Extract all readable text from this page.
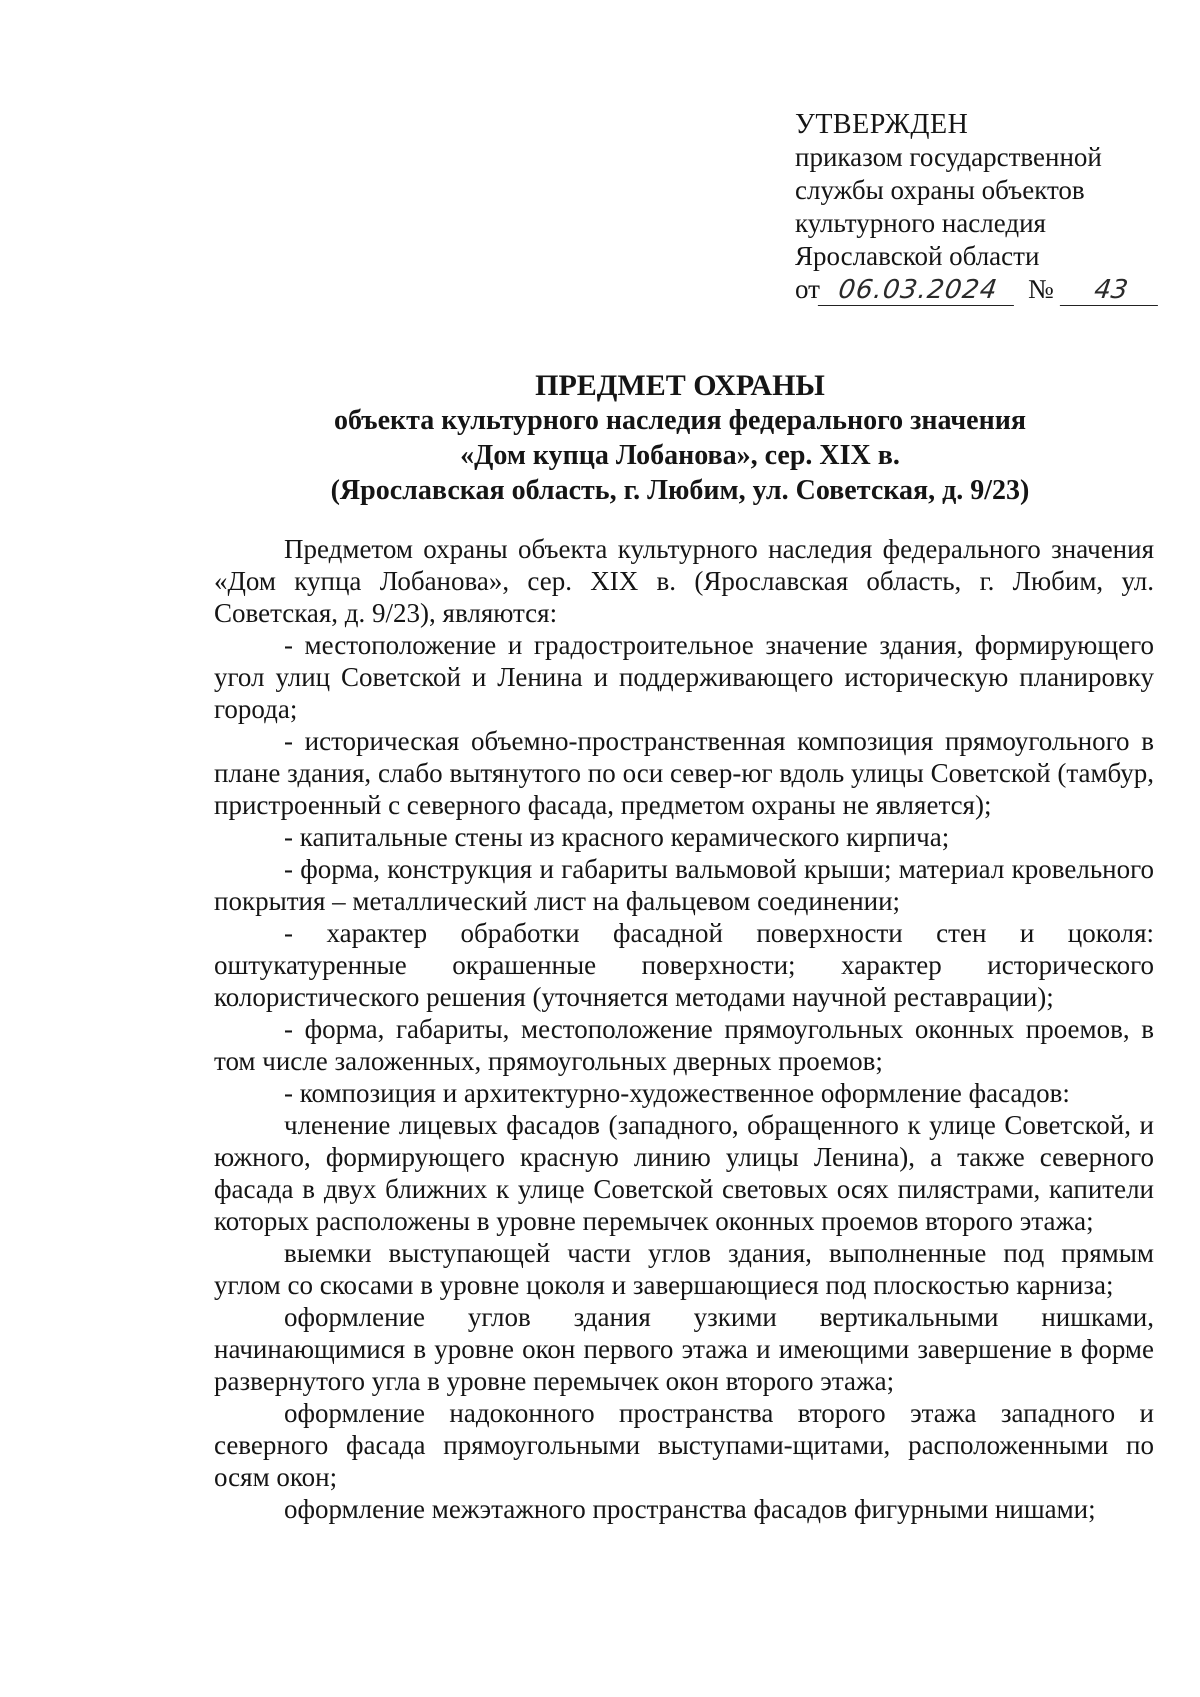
УТВЕРЖДЕН
приказом государственной
службы охраны объектов
культурного наследия
Ярославской области
от 06.03.2024 № 43
ПРЕДМЕТ ОХРАНЫ
объекта культурного наследия федерального значения
«Дом купца Лобанова», сер. XIX в.
(Ярославская область, г. Любим, ул. Советская, д. 9/23)

Предметом охраны объекта культурного наследия федерального значения «Дом купца Лобанова», сер. XIX в. (Ярославская область, г. Любим, ул. Советская, д. 9/23), являются:

- местоположение и градостроительное значение здания, формирующего угол улиц Советской и Ленина и поддерживающего историческую планировку города;

- историческая объемно-пространственная композиция прямоугольного в плане здания, слабо вытянутого по оси север-юг вдоль улицы Советской (тамбур, пристроенный с северного фасада, предметом охраны не является);

- капитальные стены из красного керамического кирпича;

- форма, конструкция и габариты вальмовой крыши; материал кровельного покрытия – металлический лист на фальцевом соединении;

- характер обработки фасадной поверхности стен и цоколя: оштукатуренные окрашенные поверхности; характер исторического колористического решения (уточняется методами научной реставрации);

- форма, габариты, местоположение прямоугольных оконных проемов, в том числе заложенных, прямоугольных дверных проемов;

- композиция и архитектурно-художественное оформление фасадов:

членение лицевых фасадов (западного, обращенного к улице Советской, и южного, формирующего красную линию улицы Ленина), а также северного фасада в двух ближних к улице Советской световых осях пилястрами, капители которых расположены в уровне перемычек оконных проемов второго этажа;

выемки выступающей части углов здания, выполненные под прямым углом со скосами в уровне цоколя и завершающиеся под плоскостью карниза;

оформление углов здания узкими вертикальными нишками, начинающимися в уровне окон первого этажа и имеющими завершение в форме развернутого угла в уровне перемычек окон второго этажа;

оформление надоконного пространства второго этажа западного и северного фасада прямоугольными выступами-щитами, расположенными по осям окон;

оформление межэтажного пространства фасадов фигурными нишами;
